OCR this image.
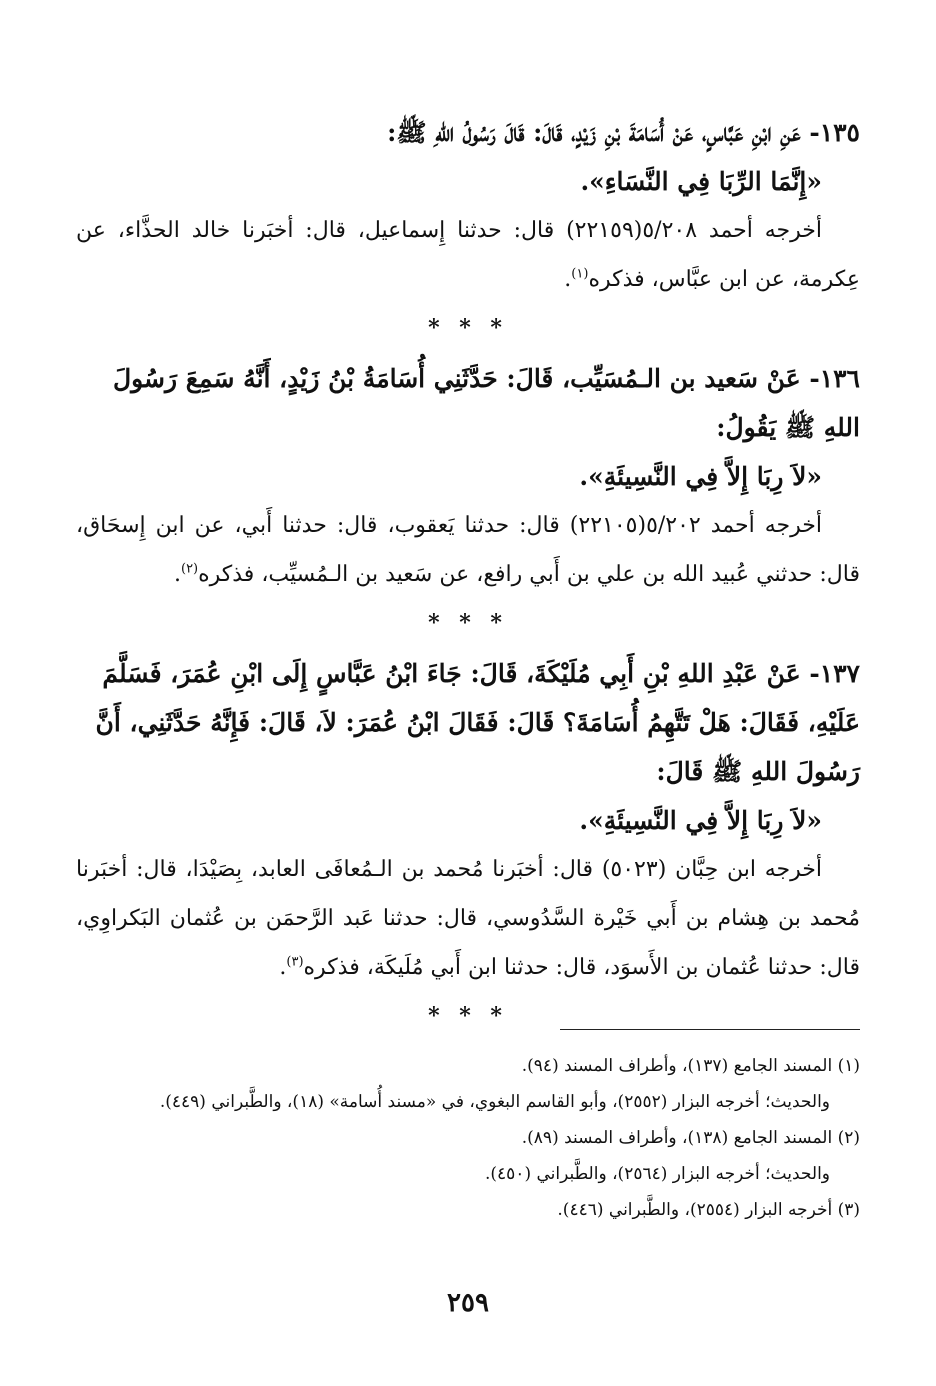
١٣٥- عَنِ ابْنِ عَبَّاسٍ، عَنْ أُسَامَةَ بْنِ زَيْدٍ، قَالَ: قَالَ رَسُولُ اللهِ ﷺ:

«إِنَّمَا الرِّبَا فِي النَّسَاءِ».

أخرجه أحمد ٥/٢٠٨(٢٢١٥٩) قال: حدثنا إِسماعيل، قال: أخبَرنا خالد الحذَّاء، عن عِكرمة، عن ابن عبَّاس، فذكره$^{(١)}$.

* * *

١٣٦- عَنْ سَعيد بن الـمُسَيِّب، قَالَ: حَدَّثَنِي أُسَامَةُ بْنُ زَيْدٍ، أَنَّهُ سَمِعَ رَسُولَ اللهِ ﷺ يَقُولُ:

«لاَ رِبَا إِلاَّ فِي النَّسِيئَةِ».

أخرجه أحمد ٥/٢٠٢(٢٢١٠٥) قال: حدثنا يَعقوب، قال: حدثنا أَبي، عن ابن إِسحَاق، قال: حدثني عُبيد الله بن علي بن أَبي رافع، عن سَعيد بن الـمُسيِّب، فذكره$^{(٢)}$.

* * *

١٣٧- عَنْ عَبْدِ اللهِ بْنِ أَبِي مُلَيْكَةَ، قَالَ: جَاءَ ابْنُ عَبَّاسٍ إِلَى ابْنِ عُمَرَ، فَسَلَّمَ عَلَيْهِ، فَقَالَ: هَلْ تَتَّهِمُ أُسَامَةَ؟ قَالَ: فَقَالَ ابْنُ عُمَرَ: لاَ، قَالَ: فَإِنَّهُ حَدَّثَنِي، أَنَّ رَسُولَ اللهِ ﷺ قَالَ:

«لاَ رِبَا إِلاَّ فِي النَّسِيئَةِ».

أخرجه ابن حِبَّان (٥٠٢٣) قال: أخبَرنا مُحمد بن الـمُعافَى العابد، بِصَيْدَا، قال: أخبَرنا مُحمد بن هِشام بن أَبي خَيْرة السَّدُوسي، قال: حدثنا عَبد الرَّحمَن بن عُثمان البَكراوِي، قال: حدثنا عُثمان بن الأَسوَد، قال: حدثنا ابن أَبي مُلَيكَة، فذكره$^{(٣)}$.

* * *
(١) المسند الجامع (١٣٧)، وأطراف المسند (٩٤).
والحديث؛ أخرجه البزار (٢٥٥٢)، وأبو القاسم البغوي، في «مسند أُسامة» (١٨)، والطَّبراني (٤٤٩).
(٢) المسند الجامع (١٣٨)، وأطراف المسند (٨٩).
والحديث؛ أخرجه البزار (٢٥٦٤)، والطَّبراني (٤٥٠).
(٣) أخرجه البزار (٢٥٥٤)، والطَّبراني (٤٤٦).
٢٥٩
